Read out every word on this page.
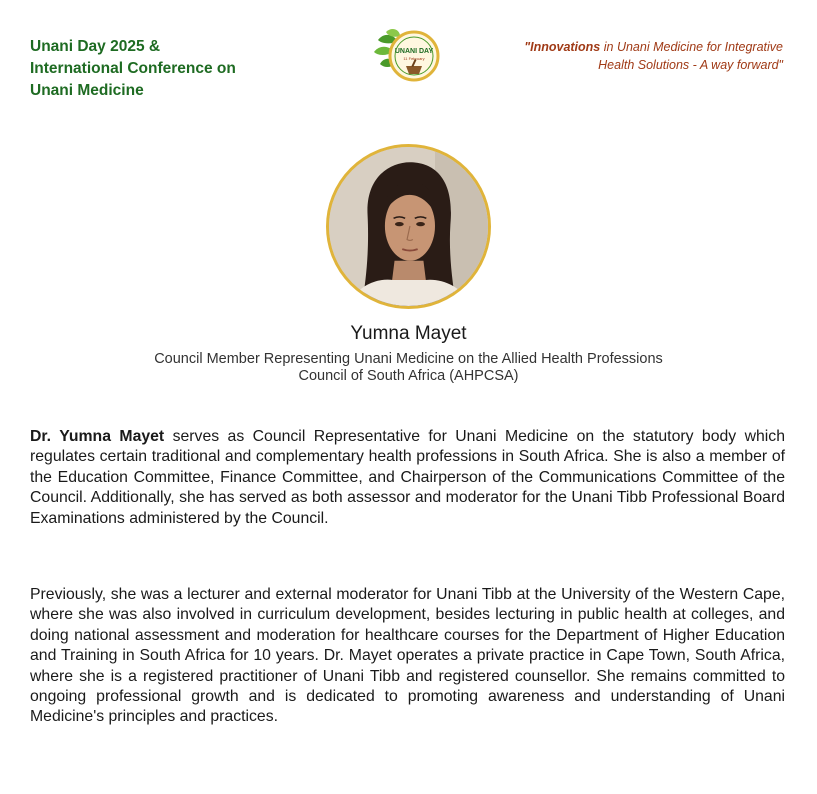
Unani Day 2025 &
International Conference on
Unani Medicine
UNANI DAY
11 February
"Innovations in Unani Medicine for Integrative
Health Solutions - A way forward"
Yumna Mayet
Council Member Representing Unani Medicine on the Allied Health Professions
Council of South Africa (AHPCSA)

Dr. Yumna Mayet serves as Council Representative for Unani Medicine on the statutory body which regulates certain traditional and complementary health professions in South Africa. She is also a member of the Education Committee, Finance Committee, and Chairperson of the Communications Committee of the Council. Additionally, she has served as both assessor and moderator for the Unani Tibb Professional Board Examinations administered by the Council.

Previously, she was a lecturer and external moderator for Unani Tibb at the University of the Western Cape, where she was also involved in curriculum development, besides lecturing in public health at colleges, and doing national assessment and moderation for healthcare courses for the Department of Higher Education and Training in South Africa for 10 years. Dr. Mayet operates a private practice in Cape Town, South Africa, where she is a registered practitioner of Unani Tibb and registered counsellor. She remains committed to ongoing professional growth and is dedicated to promoting awareness and understanding of Unani Medicine's principles and practices.
